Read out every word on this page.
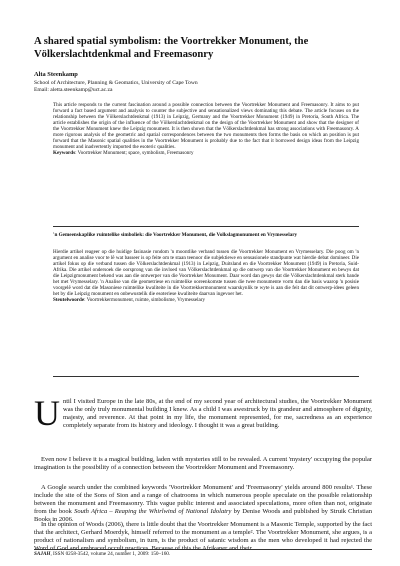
A shared spatial symbolism: the Voortrekker Monument, the Völkerslachtdenkmal and Freemasonry
Alta Steenkamp
School of Architecture, Planning & Geomatics, University of Cape Town
Email: aletta.steenkamp@uct.ac.za
This article responds to the current fascination around a possible connection between the Voortrekker Monument and Freemasonry. It aims to put forward a fact based argument and analysis to counter the subjective and sensationalized views dominating this debate. The article focuses on the relationship between the Völkerslachtdenkmal (1913) in Leipzig, Germany and the Voortrekker Monument (1949) in Pretoria, South Africa. The article establishes the origin of the influence of the Völkerslachtdenkmal on the design of the Voortrekker Monument and show that the designer of the Voortrekker Monument knew the Leipzig monument. It is then shown that the Völkerslachtdenkmal has strong associations with Freemasonry. A more rigorous analysis of the geometric and spatial correspondences between the two monuments then forms the basis on which an position is put forward that the Masonic spatial qualities in the Voortrekker Monument is probably due to the fact that it borrowed design ideas from the Leipzig monument and inadvertently imported the esoteric qualities.
Keywords: Voortrekker Monument; space, symbolism, Freemasonry
'n Gemeenskaplike ruimtelike simboliek: die Voortrekker Monument, die Volkslagmonument en Vrymesselary
Hierdie artikel reageer op die huidige fasinasie rondom 'n moontlike verband tussen die Voortrekker Monument en Vrymesselary. Die poog om 'n argument en analise voor te lê wat basseer is op feite om te staan teenoor die subjektiewe en sensasionele standpunte wat hierdie debat domineer. Die artikel fokus op die verband tussen die Völkerslachtdenkmal (1913) in Leipzig, Duitsland en die Voortrekker Monument (1949) in Pretoria, Suid-Afrika. Die artikel ondersoek die oorsprong van die invloed van Völkerslachtdenkmal op die ontwerp van die Voortrekker Monument en bewys dat die Leipzigmonument bekend was aan die ontwerper van die Voortrekker Monument. Daar word dan gewys dat die Völkerslachtdenkmal sterk bande het met Vrymesselary. 'n Analise van die geometriese en ruimtelike ooreenkomste tussen die twee monumente vorm dan die basis waarop 'n posisie voorgelê word dat die Masoniese ruimtelike kwaliteite in die Voortrekkermonument waarskynlik te wyte is aan die feit dat dit ontwerp-idees geleen het by die Leipzig monument en onbewustelik die esoteriese kwaliteite daarvan ingevoer het.
Steutelwoorde: Voortrekkermonument, ruimte, simbolisme, Vrymesselary
Until I visited Europe in the late 80s, at the end of my second year of architectural studies, the Voortrekker Monument was the only truly monumental building I knew. As a child I was awestruck by its grandeur and atmosphere of dignity, majesty, and reverence. At that point in my life, the monument represented, for me, sacredness as an experience completely separate from its history and ideology. I thought it was a great building.
Even now I believe it is a magical building, laden with mysteries still to be revealed. A current 'mystery' occupying the popular imagination is the possibility of a connection between the Voortrekker Monument and Freemasonry.
A Google search under the combined keywords 'Voortrekker Monument' and 'Freemasonry' yields around 800 results¹. These include the site of the Sons of Sion and a range of chatrooms in which numerous people speculate on the possible relationship between the monument and Freemasonry. This vague public interest and associated speculations, more often than not, originate from the book South Africa – Reaping the Whirlwind of National Idolatry by Denise Woods and published by Struik Christian Books in 2006.
In the opinion of Woods (2006), there is little doubt that the Voortrekker Monument is a Masonic Temple, supported by the fact that the architect, Gerhard Moerdyk, himself referred to the monument as a temple². The Voortrekker Monument, she argues, is a product of nationalism and symbolism, in turn, is the product of satanic wisdom as the men who developed it had rejected the Word of God and embraced occult practices. Because of this the Afrikaner and their
SAJAH, ISSN 0258-3542, volume 24, number 1, 2009: 150–160.
